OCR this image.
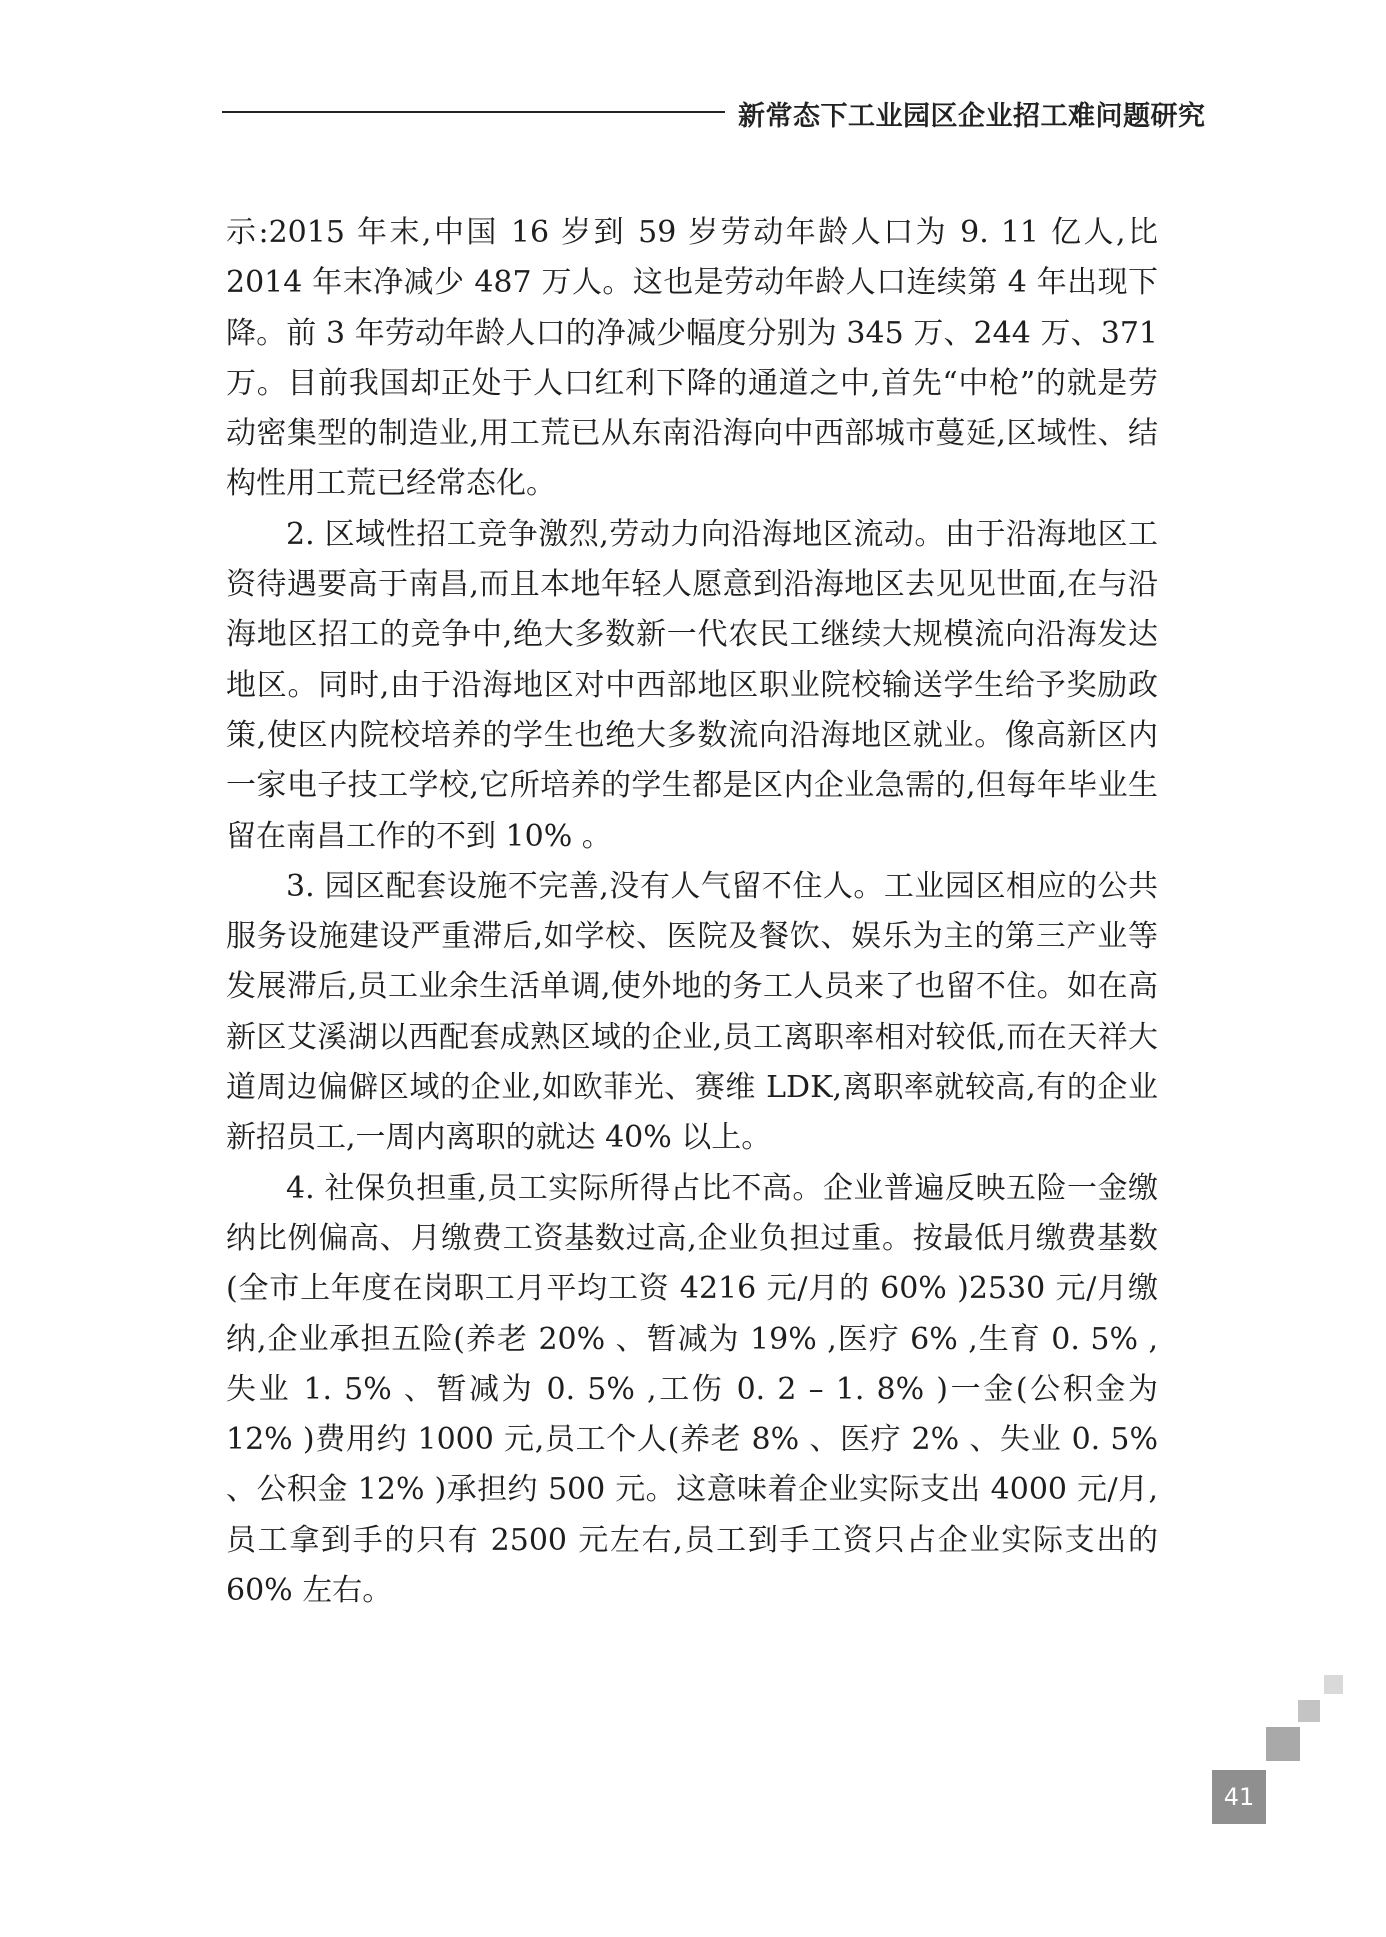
新常态下工业园区企业招工难问题研究

示:2015 年末,中国 16 岁到 59 岁劳动年龄人口为 9. 11 亿人,比 2014 年末净减少 487 万人。这也是劳动年龄人口连续第 4 年出现下降。前 3 年劳动年龄人口的净减少幅度分别为 345 万、244 万、371 万。目前我国却正处于人口红利下降的通道之中,首先“中枪”的就是劳动密集型的制造业,用工荒已从东南沿海向中西部城市蔓延,区域性、结构性用工荒已经常态化。

2. 区域性招工竞争激烈,劳动力向沿海地区流动。由于沿海地区工资待遇要高于南昌,而且本地年轻人愿意到沿海地区去见见世面,在与沿海地区招工的竞争中,绝大多数新一代农民工继续大规模流向沿海发达地区。同时,由于沿海地区对中西部地区职业院校输送学生给予奖励政策,使区内院校培养的学生也绝大多数流向沿海地区就业。像高新区内一家电子技工学校,它所培养的学生都是区内企业急需的,但每年毕业生留在南昌工作的不到 10% 。

3. 园区配套设施不完善,没有人气留不住人。工业园区相应的公共服务设施建设严重滞后,如学校、医院及餐饮、娱乐为主的第三产业等发展滞后,员工业余生活单调,使外地的务工人员来了也留不住。如在高新区艾溪湖以西配套成熟区域的企业,员工离职率相对较低,而在天祥大道周边偏僻区域的企业,如欧菲光、赛维 LDK,离职率就较高,有的企业新招员工,一周内离职的就达 40% 以上。

4. 社保负担重,员工实际所得占比不高。企业普遍反映五险一金缴纳比例偏高、月缴费工资基数过高,企业负担过重。按最低月缴费基数(全市上年度在岗职工月平均工资 4216 元/月的 60% )2530 元/月缴纳,企业承担五险(养老 20% 、暂减为 19% ,医疗 6% ,生育 0. 5% ,失业 1. 5% 、暂减为 0. 5% ,工伤 0. 2 – 1. 8% )一金(公积金为 12% )费用约 1000 元,员工个人(养老 8% 、医疗 2% 、失业 0. 5% 、公积金 12% )承担约 500 元。这意味着企业实际支出 4000 元/月,员工拿到手的只有 2500 元左右,员工到手工资只占企业实际支出的 60% 左右。

41
